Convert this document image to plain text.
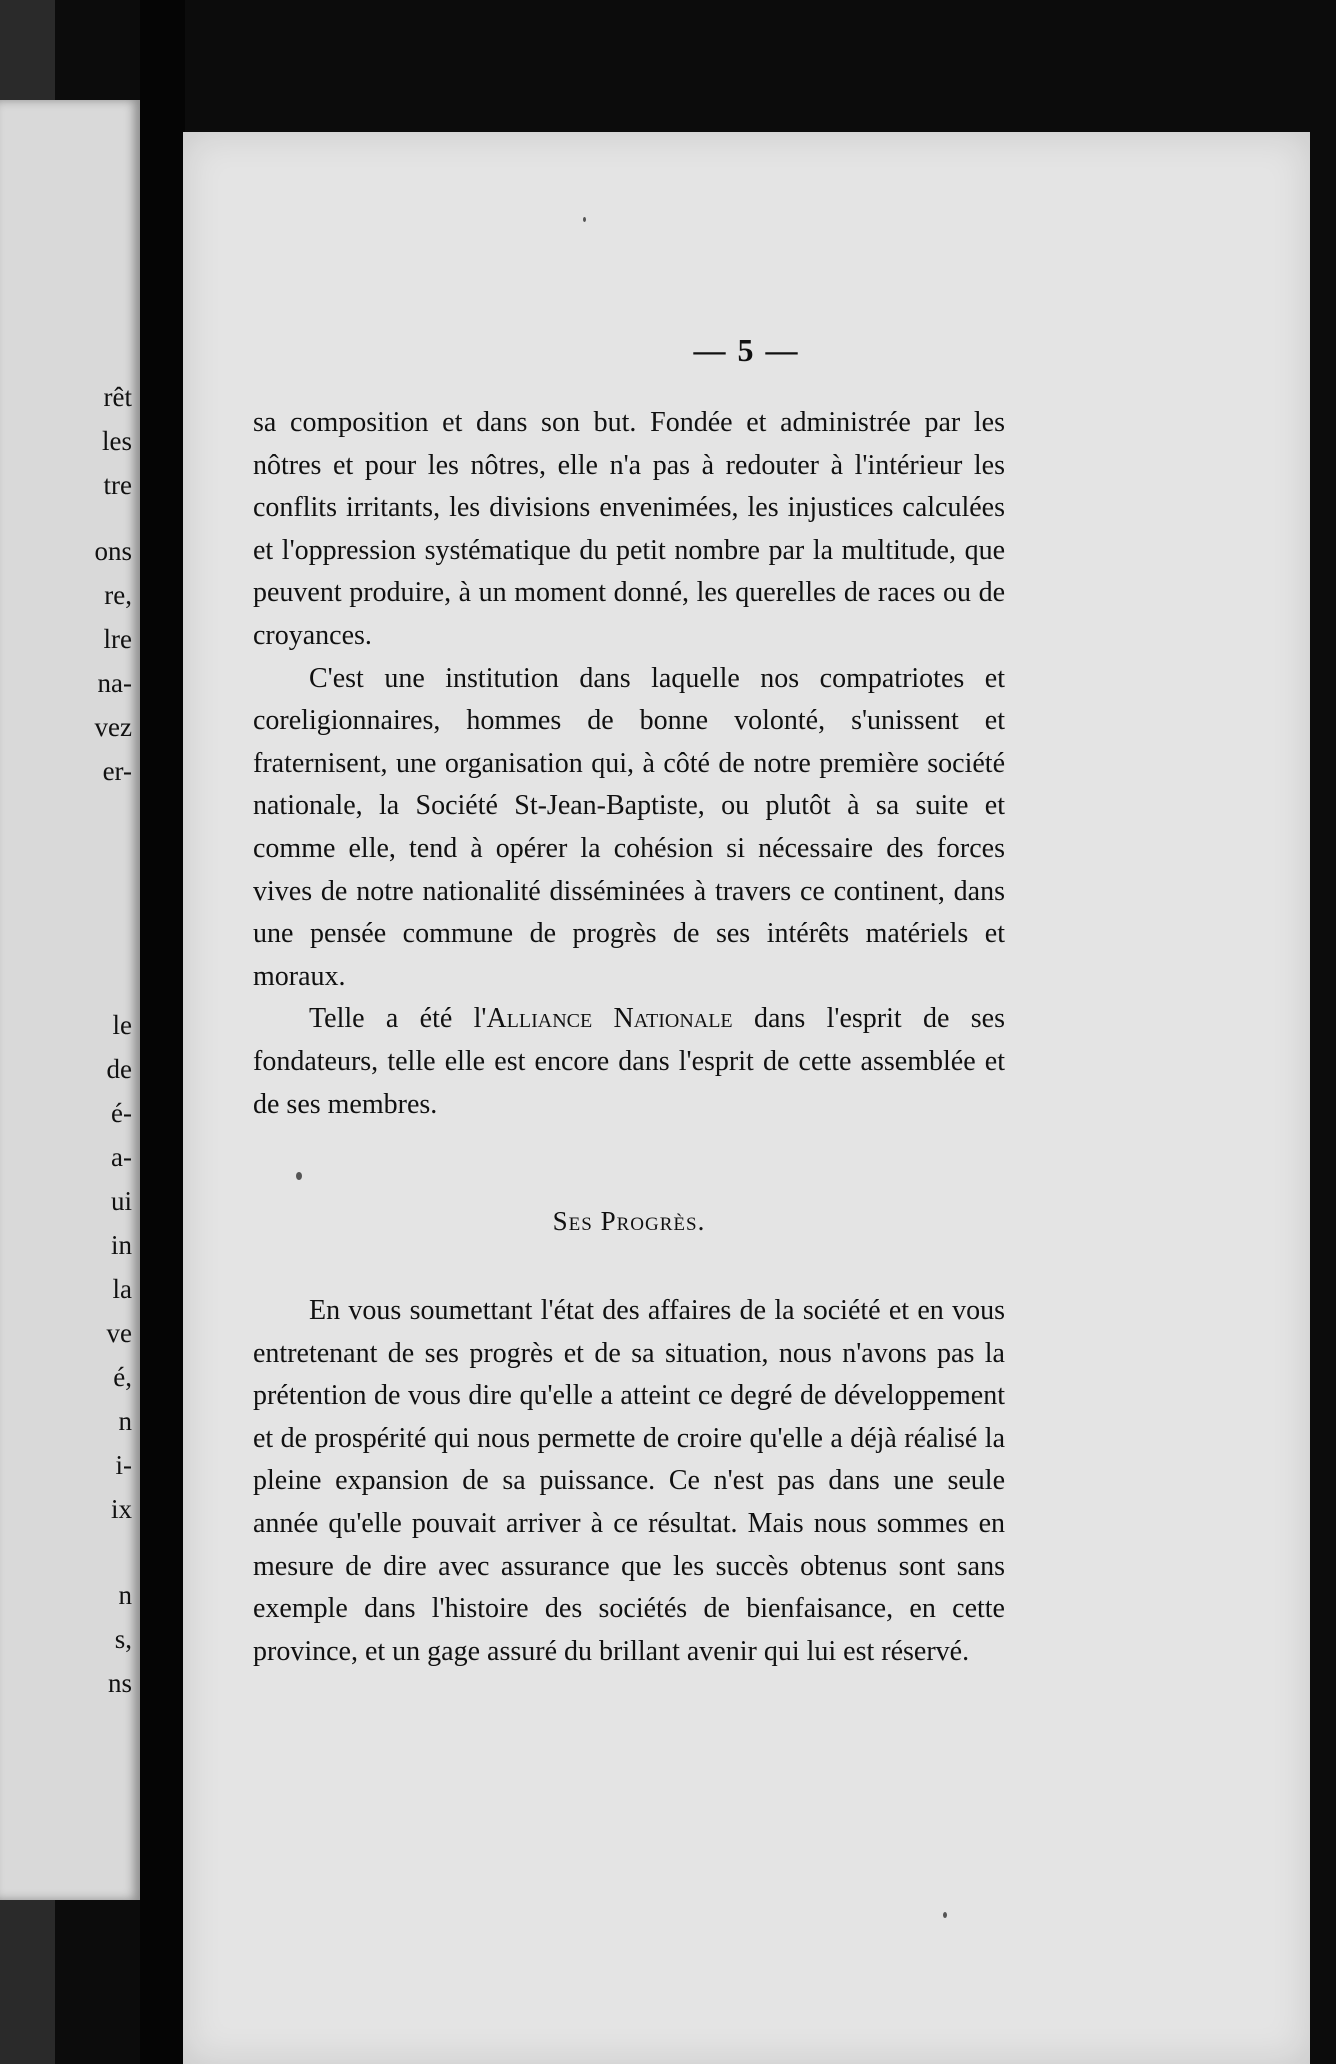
rêt
les
tre
ons
re,
lre
na-
vez
er-
le
de
é-
a-
ui
in
la
ve
é,
n
i-
ix
n
s,
ns
— 5 —

sa composition et dans son but. Fondée et administrée par les nôtres et pour les nôtres, elle n'a pas à redouter à l'intérieur les conflits irritants, les divisions envenimées, les injustices calculées et l'oppression systématique du petit nombre par la multitude, que peuvent produire, à un moment donné, les querelles de races ou de croyances.

C'est une institution dans laquelle nos compatriotes et coreligionnaires, hommes de bonne volonté, s'unissent et fraternisent, une organisation qui, à côté de notre première société nationale, la Société St-Jean-Baptiste, ou plutôt à sa suite et comme elle, tend à opérer la cohésion si nécessaire des forces vives de notre nationalité disséminées à travers ce continent, dans une pensée commune de progrès de ses intérêts matériels et moraux.

Telle a été l'Alliance Nationale dans l'esprit de ses fondateurs, telle elle est encore dans l'esprit de cette assemblée et de ses membres.

Ses Progrès.

En vous soumettant l'état des affaires de la société et en vous entretenant de ses progrès et de sa situation, nous n'avons pas la prétention de vous dire qu'elle a atteint ce degré de développement et de prospérité qui nous permette de croire qu'elle a déjà réalisé la pleine expansion de sa puissance. Ce n'est pas dans une seule année qu'elle pouvait arriver à ce résultat. Mais nous sommes en mesure de dire avec assurance que les succès obtenus sont sans exemple dans l'histoire des sociétés de bienfaisance, en cette province, et un gage assuré du brillant avenir qui lui est réservé.
